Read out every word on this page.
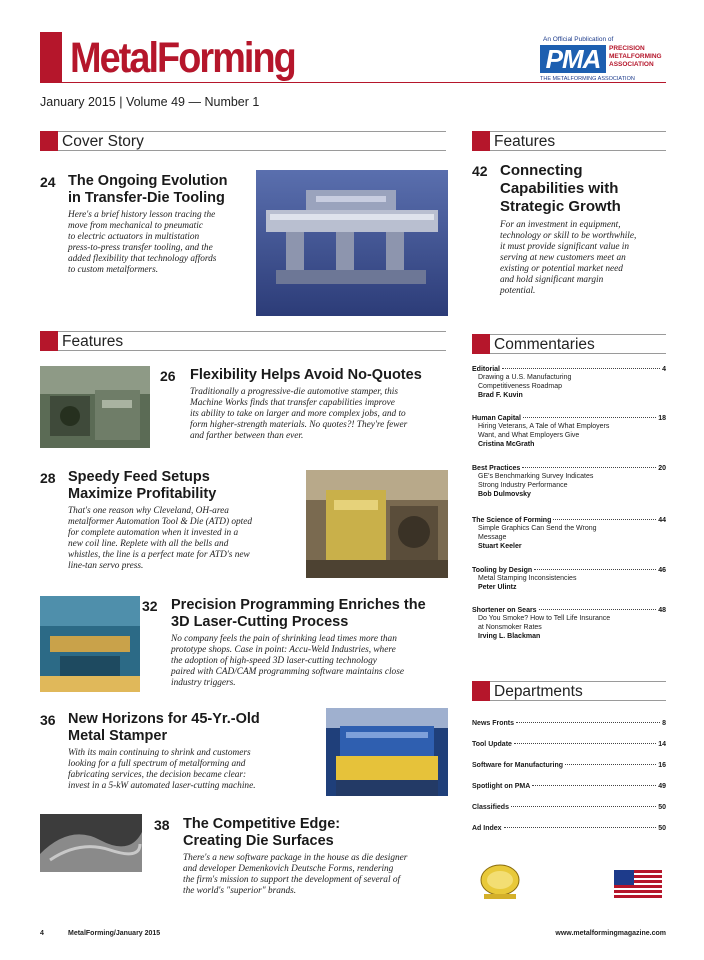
MetalForming
January 2015 | Volume 49 — Number 1
An Official Publication of
PMA	PRECISION METALFORMING ASSOCIATION
THE METALFORMING ASSOCIATION
Cover Story	Features
Features	Commentaries
Departments
24 The Ongoing Evolution
in Transfer-Die Tooling
Here's a brief history lesson tracing the
move from mechanical to pneumatic
to electric actuators in multistation
press-to-press transfer tooling, and the
added flexibility that technology affords
to custom metalformers.
42 Connecting
Capabilities with
Strategic Growth
For an investment in equipment,
technology or skill to be worthwhile,
it must provide significant value in
serving at new customers meet an
existing or potential market need
and hold significant margin
potential.
26 Flexibility Helps Avoid No-Quotes
Traditionally a progressive-die automotive stamper, this
Machine Works finds that transfer capabilities improve
its ability to take on larger and more complex jobs, and to
form higher-strength materials. No quotes?! They're fewer
and farther between than ever.
28 Speedy Feed Setups
Maximize Profitability
That's one reason why Cleveland, OH-area
metalformer Automation Tool & Die (ATD) opted
for complete automation when it invested in a
new coil line. Replete with all the bells and
whistles, the line is a perfect mate for ATD's new
line-tan servo press.
32 Precision Programming Enriches the
3D Laser-Cutting Process
No company feels the pain of shrinking lead times more than
prototype shops. Case in point: Accu-Weld Industries, where
the adoption of high-speed 3D laser-cutting technology
paired with CAD/CAM programming software maintains close
industry triggers.
36 New Horizons for 45-Yr.-Old
Metal Stamper
With its main continuing to shrink and customers
looking for a full spectrum of metalforming and
fabricating services, the decision became clear:
invest in a 5-kW automated laser-cutting machine.
38 The Competitive Edge:
Creating Die Surfaces
There's a new software package in the house as die designer
and developer Demenkovich Deutsche Forms, rendering
the firm's mission to support the development of several of
the world's "superior" brands.
Editorial	4
Drawing a U.S. Manufacturing
Competitiveness Roadmap
Brad F. Kuvin
Human Capital	18
Hiring Veterans, A Tale of What Employers
Want, and What Employers Give
Cristina McGrath
Best Practices	20
GE's Benchmarking Survey Indicates
Strong Industry Performance
Bob Dulmovsky
The Science of Forming	44
Simple Graphics Can Send the Wrong
Message
Stuart Keeler
Tooling by Design	46
Metal Stamping Inconsistencies
Peter Ulintz
Shortener on Sears	48
Do You Smoke? How to Tell Life Insurance
at Nonsmoker Rates
Irving L. Blackman
News Fronts	8
Tool Update	14
Software for Manufacturing	16
Spotlight on PMA	49
Classifieds	50
Ad Index	50
4	MetalForming/January 2015	www.metalformingmagazine.com
